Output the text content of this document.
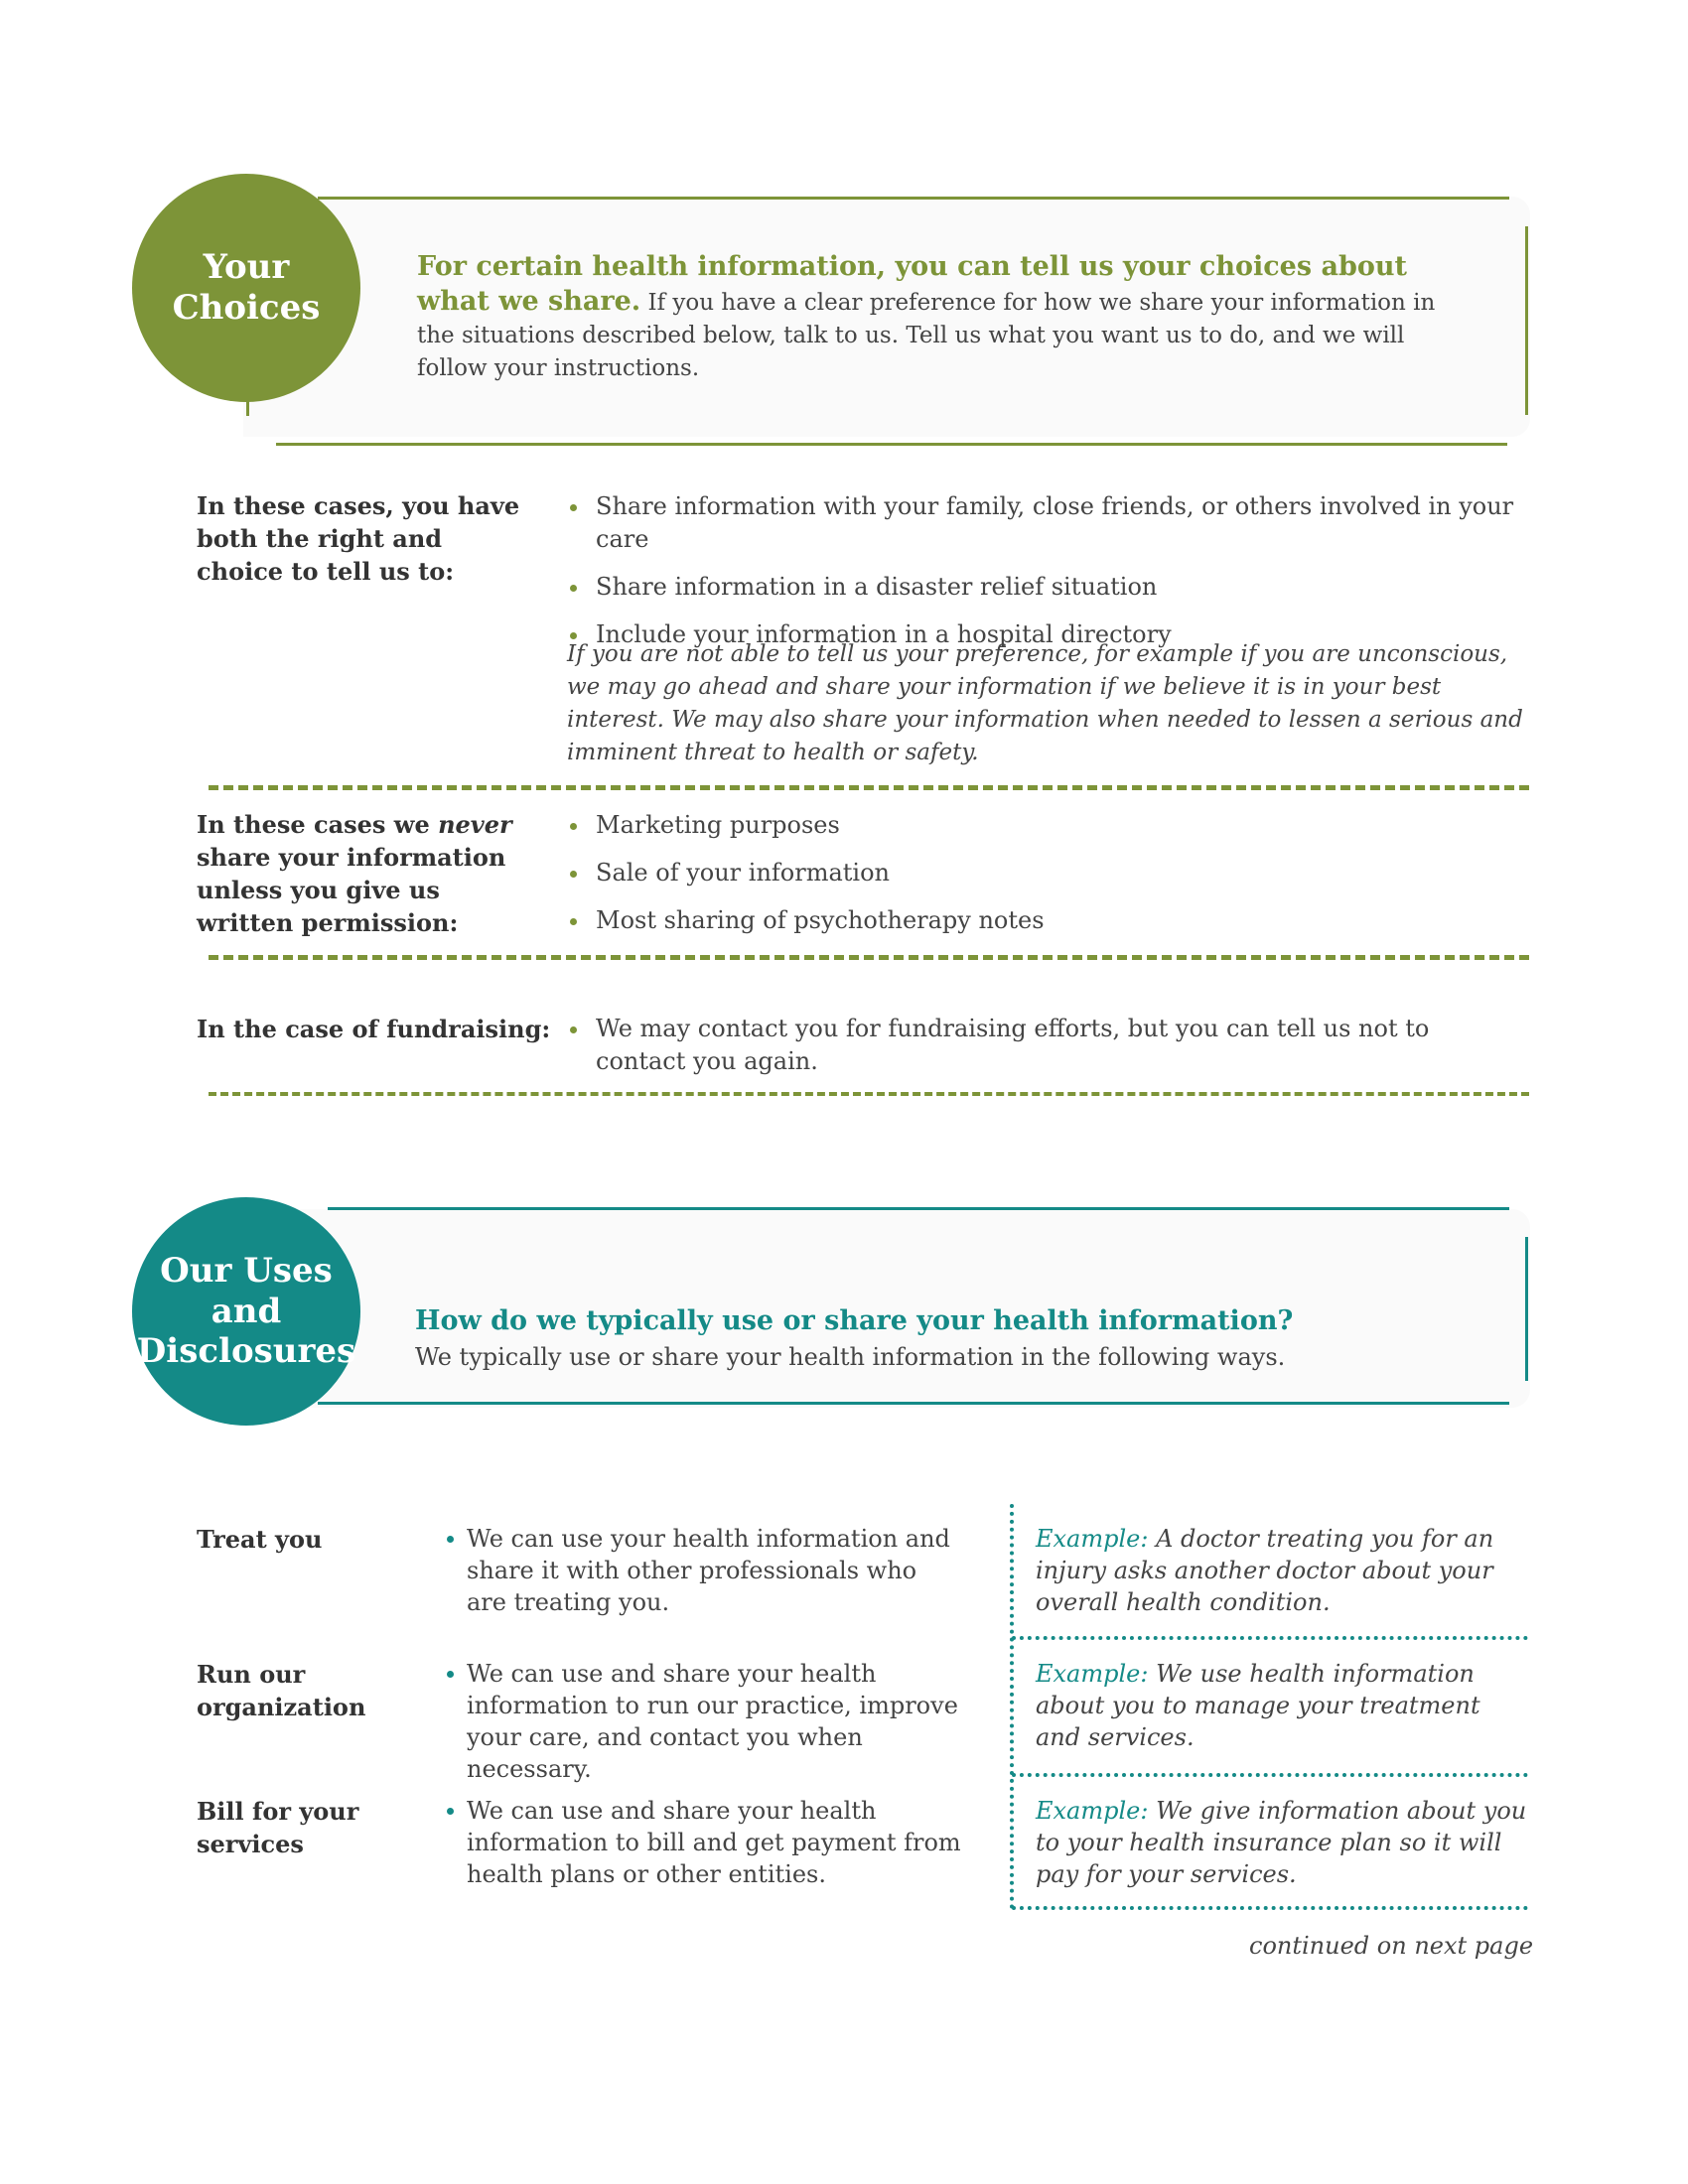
Your
Choices
For certain health information, you can tell us your choices about what we share. If you have a clear preference for how we share your information in the situations described below, talk to us. Tell us what you want us to do, and we will follow your instructions.
In these cases, you have both the right and choice to tell us to:
Share information with your family, close friends, or others involved in your care
Share information in a disaster relief situation
Include your information in a hospital directory
If you are not able to tell us your preference, for example if you are unconscious, we may go ahead and share your information if we believe it is in your best interest. We may also share your information when needed to lessen a serious and imminent threat to health or safety.
In these cases we never share your information unless you give us written permission:
Marketing purposes
Sale of your information
Most sharing of psychotherapy notes
In the case of fundraising:	We may contact you for fundraising efforts, but you can tell us not to contact you again.
Our Uses
and
Disclosures
How do we typically use or share your health information?
We typically use or share your health information in the following ways.
Treat you	We can use your health information and share it with other professionals who are treating you.
Example: A doctor treating you for an injury asks another doctor about your overall health condition.
Run our organization
We can use and share your health information to run our practice, improve your care, and contact you when necessary.
Example: We use health information about you to manage your treatment and services.
Bill for your services
We can use and share your health information to bill and get payment from health plans or other entities.
Example: We give information about you to your health insurance plan so it will pay for your services.
continued on next page
